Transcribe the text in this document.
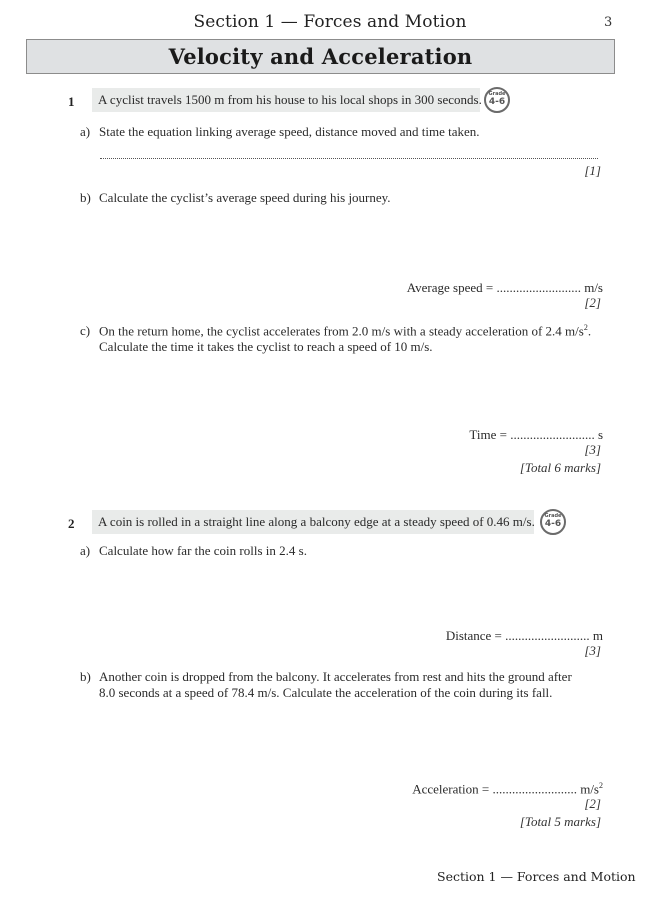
Section 1 — Forces and Motion	3
Velocity and Acceleration
1	A cyclist travels 1500 m from his house to his local shops in 300 seconds.	Grade
4-6
a) State the equation linking average speed, distance moved and time taken.
[1]
b) Calculate the cyclist’s average speed during his journey.
Average speed = .......................... m/s
[2]
c) On the return home, the cyclist accelerates from 2.0 m/s with a steady acceleration of 2.4 $m/s^2$.
Calculate the time it takes the cyclist to reach a speed of 10 m/s.
Time = .......................... s
[3]
[Total 6 marks]
2	A coin is rolled in a straight line along a balcony edge at a steady speed of 0.46 m/s.	Grade
4-6
a) Calculate how far the coin rolls in 2.4 s.
Distance = .......................... m
[3]
b) Another coin is dropped from the balcony. It accelerates from rest and hits the ground after
8.0 seconds at a speed of 78.4 m/s. Calculate the acceleration of the coin during its fall.
Acceleration = .......................... $m/s^2$
[2]
[Total 5 marks]
Section 1 — Forces and Motion
